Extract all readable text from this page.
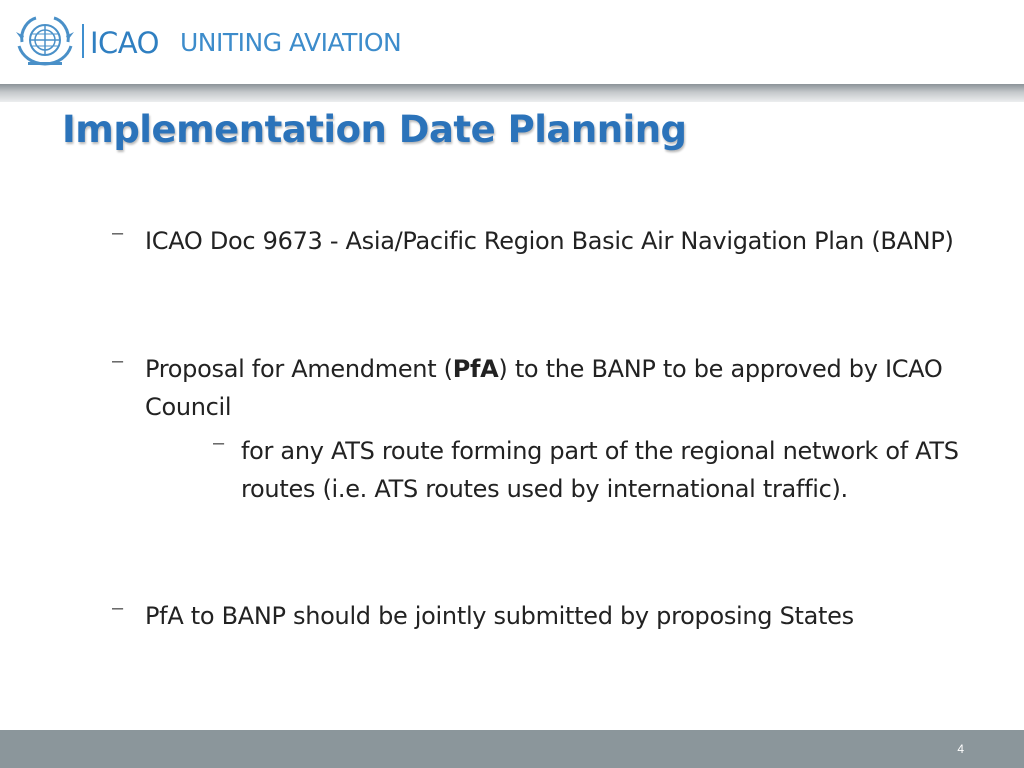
ICAO UNITING AVIATION
Implementation Date Planning
– ICAO Doc 9673 - Asia/Pacific Region Basic Air Navigation Plan (BANP)
– Proposal for Amendment (PfA) to the BANP to be approved by ICAO Council
– for any ATS route forming part of the regional network of ATS routes (i.e. ATS routes used by international traffic).
– PfA to BANP should be jointly submitted by proposing States
4
